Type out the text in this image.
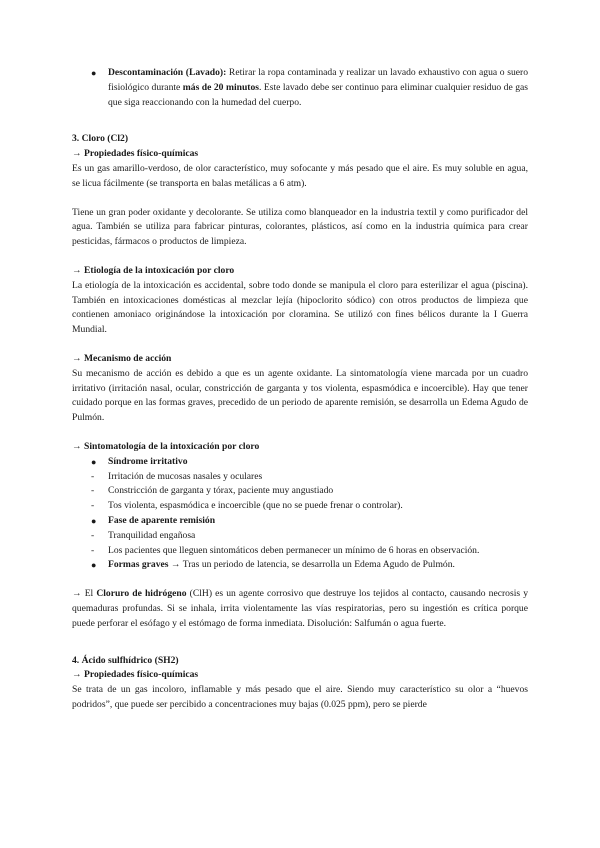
● Descontaminación (Lavado): Retirar la ropa contaminada y realizar un lavado exhaustivo con agua o suero fisiológico durante más de 20 minutos. Este lavado debe ser continuo para eliminar cualquier residuo de gas que siga reaccionando con la humedad del cuerpo.

3. Cloro (Cl2)

→ Propiedades físico-químicas

Es un gas amarillo-verdoso, de olor característico, muy sofocante y más pesado que el aire. Es muy soluble en agua, se licua fácilmente (se transporta en balas metálicas a 6 atm).

Tiene un gran poder oxidante y decolorante. Se utiliza como blanqueador en la industria textil y como purificador del agua. También se utiliza para fabricar pinturas, colorantes, plásticos, así como en la industria química para crear pesticidas, fármacos o productos de limpieza.

→ Etiología de la intoxicación por cloro

La etiología de la intoxicación es accidental, sobre todo donde se manipula el cloro para esterilizar el agua (piscina). También en intoxicaciones domésticas al mezclar lejía (hipoclorito sódico) con otros productos de limpieza que contienen amoniaco originándose la intoxicación por cloramina. Se utilizó con fines bélicos durante la I Guerra Mundial.

→ Mecanismo de acción

Su mecanismo de acción es debido a que es un agente oxidante. La sintomatología viene marcada por un cuadro irritativo (irritación nasal, ocular, constricción de garganta y tos violenta, espasmódica e incoercible). Hay que tener cuidado porque en las formas graves, precedido de un periodo de aparente remisión, se desarrolla un Edema Agudo de Pulmón.

→ Sintomatología de la intoxicación por cloro

● Síndrome irritativo
- Irritación de mucosas nasales y oculares
- Constricción de garganta y tórax, paciente muy angustiado
- Tos violenta, espasmódica e incoercible (que no se puede frenar o controlar).
● Fase de aparente remisión
- Tranquilidad engañosa
- Los pacientes que lleguen sintomáticos deben permanecer un mínimo de 6 horas en observación.
● Formas graves → Tras un periodo de latencia, se desarrolla un Edema Agudo de Pulmón.

→ El Cloruro de hidrógeno (ClH) es un agente corrosivo que destruye los tejidos al contacto, causando necrosis y quemaduras profundas. Si se inhala, irrita violentamente las vías respiratorias, pero su ingestión es crítica porque puede perforar el esófago y el estómago de forma inmediata. Disolución: Salfumán o agua fuerte.

4. Ácido sulfhídrico (SH2)

→ Propiedades físico-químicas

Se trata de un gas incoloro, inflamable y más pesado que el aire. Siendo muy característico su olor a “huevos podridos”, que puede ser percibido a concentraciones muy bajas (0.025 ppm), pero se pierde
